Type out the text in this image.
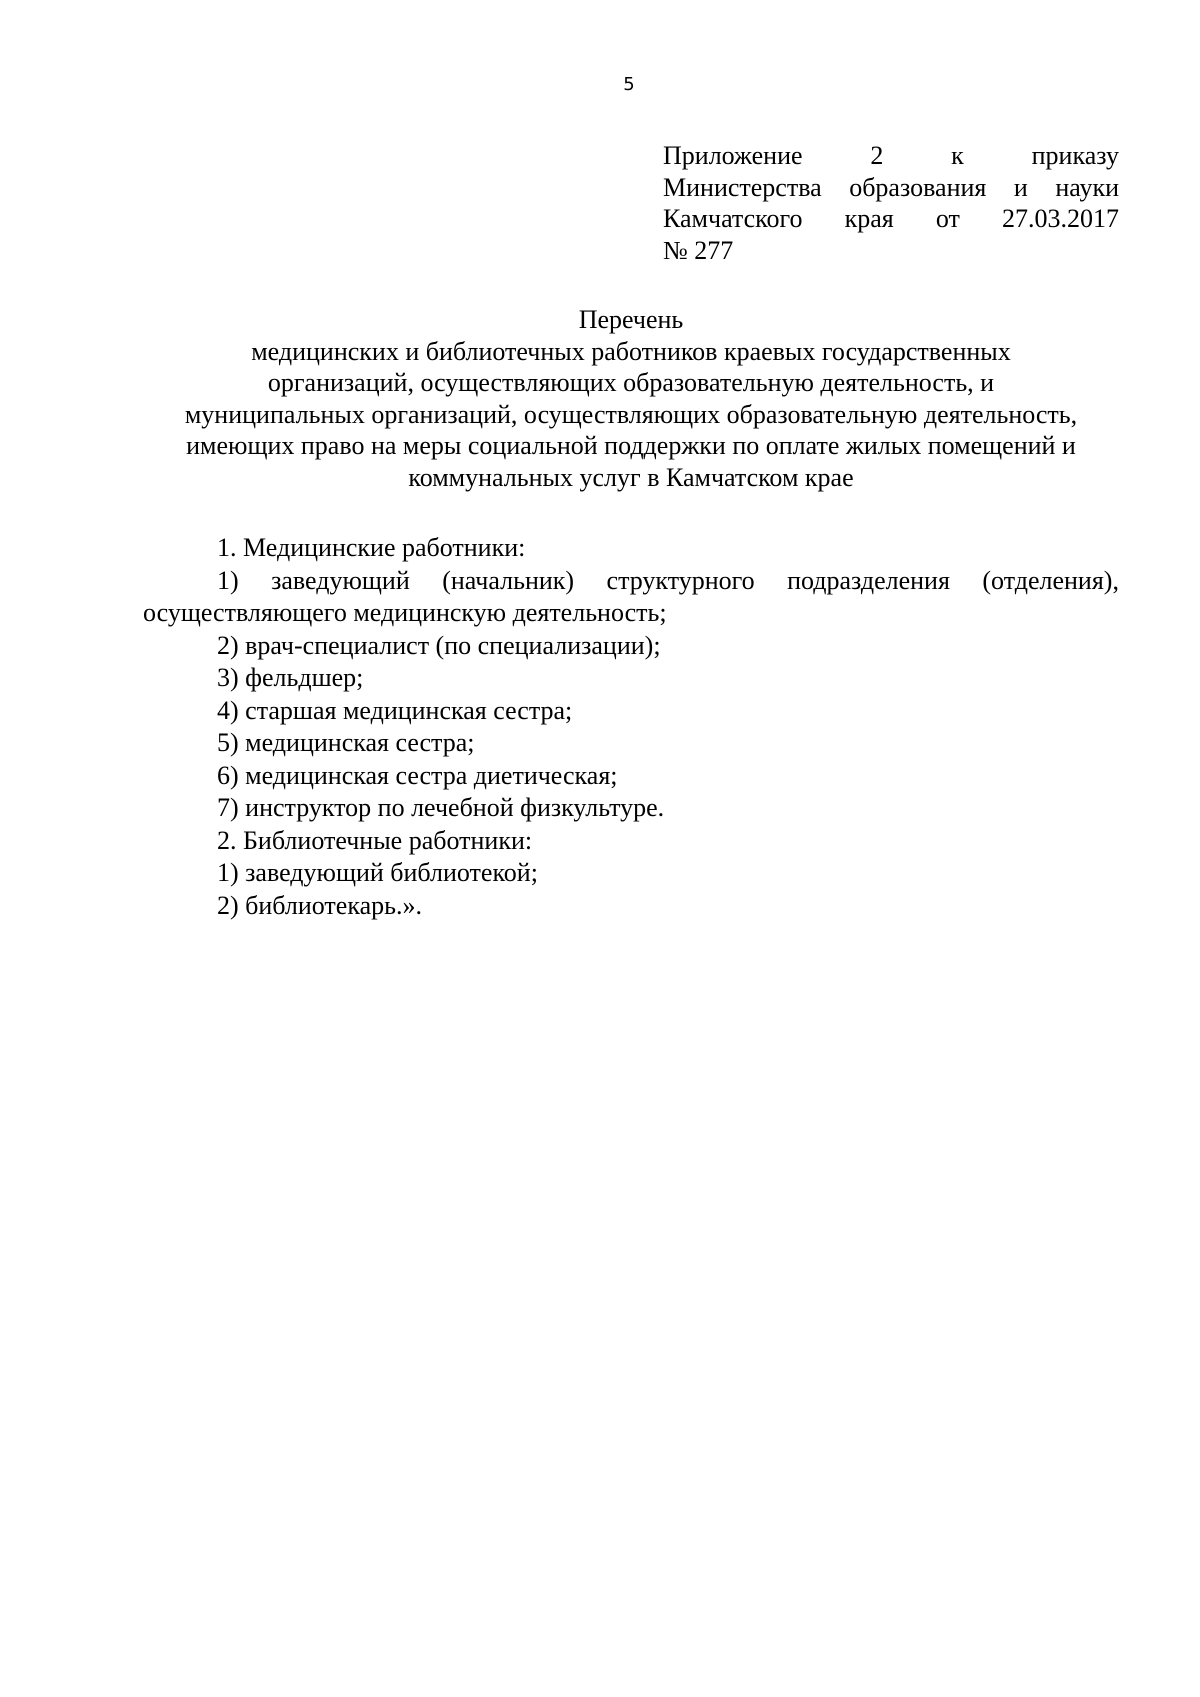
5
Приложение	2	к	приказу
Министерства образования и науки
Камчатского края от 27.03.2017
№ 277
Перечень
медицинских и библиотечных работников краевых государственных
организаций, осуществляющих образовательную деятельность, и
муниципальных организаций, осуществляющих образовательную деятельность,
имеющих право на меры социальной поддержки по оплате жилых помещений и
коммунальных услуг в Камчатском крае
1. Медицинские работники:
1) заведующий (начальник) структурного подразделения (отделения),
осуществляющего медицинскую деятельность;
2) врач-специалист (по специализации);
3) фельдшер;
4) старшая медицинская сестра;
5) медицинская сестра;
6) медицинская сестра диетическая;
7) инструктор по лечебной физкультуре.
2. Библиотечные работники:
1) заведующий библиотекой;
2) библиотекарь.».
